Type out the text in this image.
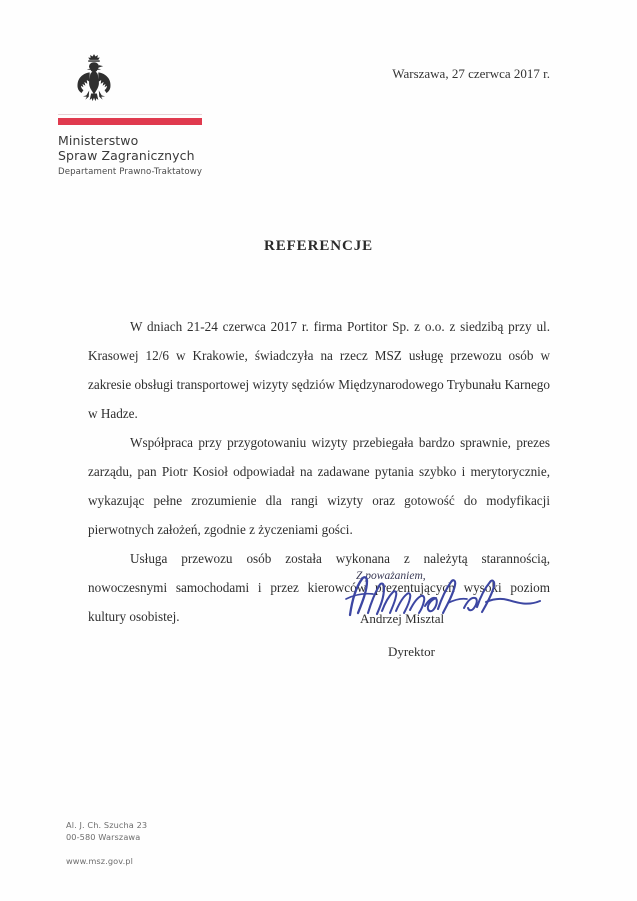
Ministerstwo
Spraw Zagranicznych
Departament Prawno-Traktatowy
Warszawa, 27 czerwca 2017 r.
REFERENCJE

W dniach 21-24 czerwca 2017 r. firma Portitor Sp. z o.o. z siedzibą przy ul. Krasowej 12/6 w Krakowie, świadczyła na rzecz MSZ usługę przewozu osób w zakresie obsługi transportowej wizyty sędziów Międzynarodowego Trybunału Karnego w Hadze.

Współpraca przy przygotowaniu wizyty przebiegała bardzo sprawnie, prezes zarządu, pan Piotr Kosioł odpowiadał na zadawane pytania szybko i merytorycznie, wykazując pełne zrozumienie dla rangi wizyty oraz gotowość do modyfikacji pierwotnych założeń, zgodnie z życzeniami gości.

Usługa przewozu osób została wykonana z należytą starannością, nowoczesnymi samochodami i przez kierowców prezentujących wysoki poziom kultury osobistej.

Z poważaniem,
Andrzej Misztal
Dyrektor
Al. J. Ch. Szucha 23
00-580 Warszawa
www.msz.gov.pl
